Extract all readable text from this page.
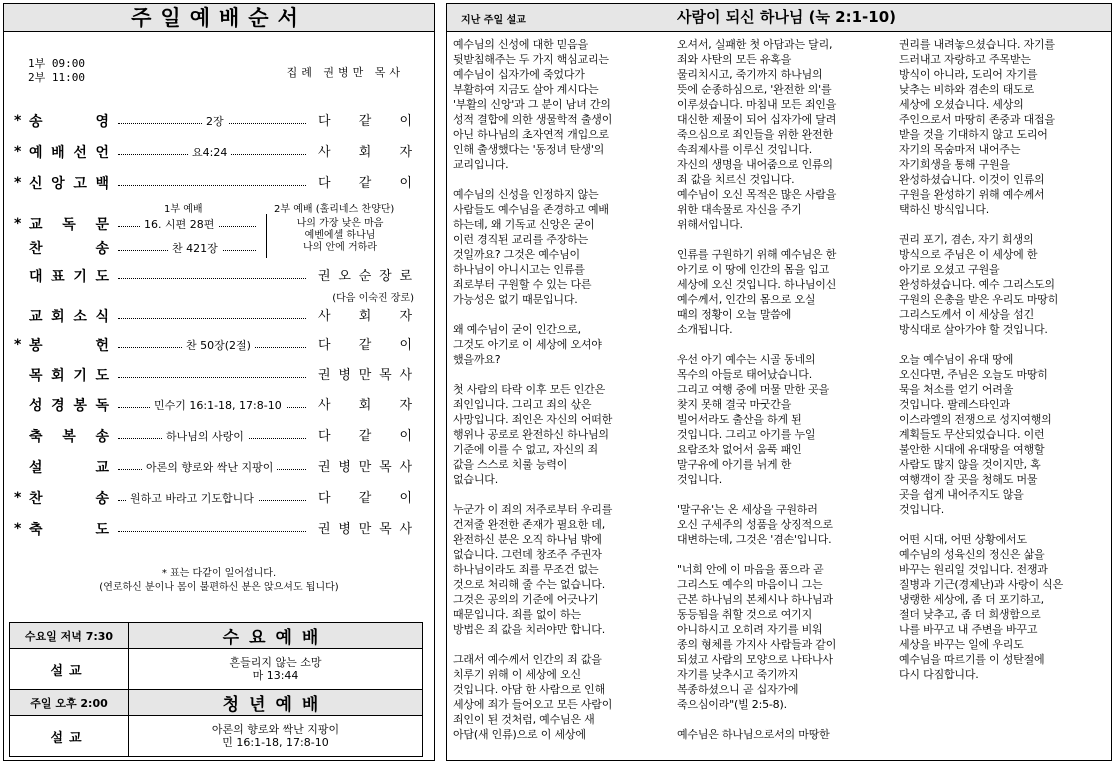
주일예배순서
1부 09:00
2부 11:00	집례 권병만 목사
* 송	영	2장	다 같 이
* 예 배 선 언	요4:24	사 회 자
* 신 앙 고 백	다 같 이
* 교 독 문	16. 시편 28편
찬	송	찬 421장
대 표 기 도	권 오 순 장 로
(다음 이숙진 장로)
교 회 소 식	사 회 자
* 봉	헌	찬 50장(2절)	다 같 이
목 회 기 도	권 병 만 목 사
성 경 봉 독	민수기 16:1-18, 17:8-10	사 회 자
축 복 송	하나님의 사랑이	다 같 이
설	교	아론의 향로와 싹난 지팡이	권 병 만 목 사
* 찬	송	원하고 바라고 기도합니다	다 같 이
* 축	도	권 병 만 목 사
1부 예배	2부 예배 (홀리네스 찬양단)
나의 가장 낮은 마음
예벤에셀 하나님
나의 안에 거하라
* 표는 다같이 일어섭니다.
(연로하신 분이나 몸이 불편하신 분은 앉으셔도 됩니다)
수요일 저녁 7:30	수요예배
설교	흔들리지 않는 소망
마 13:44

주일 오후 2:00	청년예배
설교	아론의 향로와 싹난 지팡이
민 16:1-18, 17:8-10
지난 주일 설교	사람이 되신 하나님 (눅 2:1-10)

예수님의 신성에 대한 믿음을
뒷받침해주는 두 가지 핵심교리는
예수님이 십자가에 죽었다가
부활하여 지금도 살아 계시다는
'부활의 신앙'과 그 분이 남녀 간의
성적 결합에 의한 생물학적 출생이
아닌 하나님의 초자연적 개입으로
인해 출생했다는 '동정녀 탄생'의
교리입니다.

예수님의 신성을 인정하지 않는
사람들도 예수님을 존경하고 예배
하는데, 왜 기독교 신앙은 굳이
이런 경직된 교리를 주장하는
것일까요? 그것은 예수님이
하나님이 아니시고는 인류를
죄로부터 구원할 수 있는 다른
가능성은 없기 때문입니다.

왜 예수님이 굳이 인간으로,
그것도 아기로 이 세상에 오셔야
했을까요?

첫 사람의 타락 이후 모든 인간은
죄인입니다. 그리고 죄의 삯은
사망입니다. 죄인은 자신의 어떠한
행위나 공로로 완전하신 하나님의
기준에 이를 수 없고, 자신의 죄
값을 스스로 치룰 능력이
없습니다.

누군가 이 죄의 저주로부터 우리를
건져줄 완전한 존재가 필요한 데,
완전하신 분은 오직 하나님 밖에
없습니다. 그런데 창조주 주권자
하나님이라도 죄를 무조건 없는
것으로 처리해 줄 수는 없습니다.
그것은 공의의 기준에 어긋나기
때문입니다. 죄를 없이 하는
방법은 죄 값을 치러야만 합니다.

그래서 예수께서 인간의 죄 값을
치루기 위해 이 세상에 오신
것입니다. 아담 한 사람으로 인해
세상에 죄가 들어오고 모든 사람이
죄인이 된 것처럼, 예수님은 새
아담(새 인류)으로 이 세상에

오셔서, 실패한 첫 아담과는 달리,
죄와 사탄의 모든 유혹을
물리치시고, 죽기까지 하나님의
뜻에 순종하심으로, '완전한 의'를
이루셨습니다. 마침내 모든 죄인을
대신한 제물이 되어 십자가에 달려
죽으심으로 죄인들을 위한 완전한
속죄제사를 이루신 것입니다.
자신의 생명을 내어줌으로 인류의
죄 값을 치르신 것입니다.
예수님이 오신 목적은 많은 사람을
위한 대속물로 자신을 주기
위해서입니다.

인류를 구원하기 위해 예수님은 한
아기로 이 땅에 인간의 몸을 입고
세상에 오신 것입니다. 하나님이신
예수께서, 인간의 몸으로 오실
때의 정황이 오늘 말씀에
소개됩니다.

우선 아기 예수는 시골 동네의
목수의 아들로 태어났습니다.
그리고 여행 중에 머물 만한 곳을
찾지 못해 결국 마굿간을
빌어서라도 출산을 하게 된
것입니다. 그리고 아기를 누일
요람조차 없어서 움푹 패인
말구유에 아기를 뉘게 한
것입니다.

'말구유'는 온 세상을 구원하러
오신 구세주의 성품을 상징적으로
대변하는데, 그것은 '겸손'입니다.

"너희 안에 이 마음을 품으라 곧
그리스도 예수의 마음이니 그는
근본 하나님의 본체시나 하나님과
동등됨을 취할 것으로 여기지
아니하시고 오히려 자기를 비워
종의 형체를 가지사 사람들과 같이
되셨고 사람의 모양으로 나타나사
자기를 낮추시고 죽기까지
복종하셨으니 곧 십자가에
죽으심이라"(빌 2:5-8).

예수님은 하나님으로서의 마땅한

권리를 내려놓으셨습니다. 자기를
드러내고 자랑하고 주목받는
방식이 아니라, 도리어 자기를
낮추는 비하와 겸손의 태도로
세상에 오셨습니다. 세상의
주인으로서 마땅히 존중과 대접을
받을 것을 기대하지 않고 도리어
자기의 목숨마저 내어주는
자기희생을 통해 구원을
완성하셨습니다. 이것이 인류의
구원을 완성하기 위해 예수께서
택하신 방식입니다.

권리 포기, 겸손, 자기 희생의
방식으로 주님은 이 세상에 한
아기로 오셨고 구원을
완성하셨습니다. 예수 그리스도의
구원의 은총을 받은 우리도 마땅히
그리스도께서 이 세상을 섬긴
방식대로 살아가야 할 것입니다.

오늘 예수님이 유대 땅에
오신다면, 주님은 오늘도 마땅히
묵을 처소를 얻기 어려울
것입니다. 팔레스타인과
이스라엘의 전쟁으로 성지여행의
계획들도 무산되었습니다. 이런
불안한 시대에 유대땅을 여행할
사람도 많지 않을 것이지만, 혹
여행객이 잘 곳을 청해도 머물
곳을 쉽게 내어주지도 않을
것입니다.

어떤 시대, 어떤 상황에서도
예수님의 성육신의 정신은 삶을
바꾸는 원리일 것입니다. 전쟁과
질병과 기근(경제난)과 사랑이 식은
냉랭한 세상에, 좀 더 포기하고,
절더 낮추고, 좀 더 희생함으로
나를 바꾸고 내 주변을 바꾸고
세상을 바꾸는 일에 우리도
예수님을 따르기를 이 성탄절에
다시 다짐합니다.
